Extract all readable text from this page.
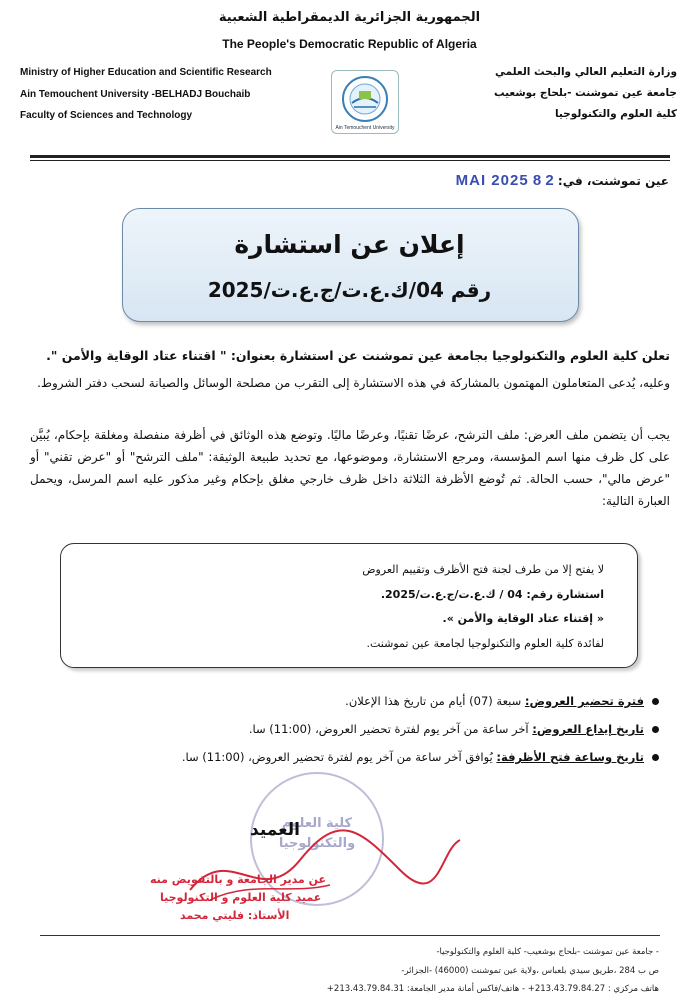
الجمهورية الجزائرية الديمقراطية الشعبية
The People's Democratic Republic of Algeria
Ministry of Higher Education and Scientific Research
Ain Temouchent University -BELHADJ Bouchaib
Faculty of Sciences and Technology
وزارة التعليم العالي والبحث العلمي
جامعة عين تموشنت -بلحاج بوشعيب
كلية العلوم والتكنولوجيا
Ain Temouchent University
عين تموشنت، في: 2 8 MAI 2025
إعلان عن استشارة
رقم 04/ك.ع.ت/ج.ع.ت/2025
تعلن كلية العلوم والتكنولوجيا بجامعة عين تموشنت عن استشارة بعنوان: " اقتناء عتاد الوقاية والأمن ".
وعليه، يُدعى المتعاملون المهتمون بالمشاركة في هذه الاستشارة إلى التقرب من مصلحة الوسائل والصيانة لسحب دفتر الشروط.
يجب أن يتضمن ملف العرض: ملف الترشح، عرضًا تقنيًا، وعرضًا ماليًا. وتوضع هذه الوثائق في أظرفة منفصلة ومغلقة بإحكام، يُبيَّن على كل ظرف منها اسم المؤسسة، ومرجع الاستشارة، وموضوعها، مع تحديد طبيعة الوثيقة: "ملف الترشح" أو "عرض تقني" أو "عرض مالي"، حسب الحالة. ثم تُوضع الأظرفة الثلاثة داخل ظرف خارجي مغلق بإحكام وغير مذكور عليه اسم المرسل، ويحمل العبارة التالية:
لا يفتح إلا من طرف لجنة فتح الأظرف وتقييم العروض
استشارة رقم: 04 / ك.ع.ت/ج.ع.ت/2025.
« إقتناء عتاد الوقاية والأمن ».
لفائدة كلية العلوم والتكنولوجيا لجامعة عين تموشنت.
فترة تحضير العروض: سبعة (07) أيام من تاريخ هذا الإعلان.
تاريخ إيداع العروض: آخر ساعة من آخر يوم لفترة تحضير العروض، (11:00) سا.
تاريخ وساعة فتح الأظرفة: يُوافق آخر ساعة من آخر يوم لفترة تحضير العروض، (11:00) سا.
كلية العلوم
والتكنولوجيا
العميد
عن مدير الجامعة و بالتفويض منه
عميد كلية العلوم و التكنولوجيا
الأستاذ: فليتي محمد
- جامعة عين تموشنت -بلحاج بوشعيب- كلية العلوم والتكنولوجيا-
ص ب 284 ،طريق سيدي بلعباس ،ولاية عين تموشنت (46000) -الجزائر-
هاتف مركزي : 213.43.79.84.27+ - هاتف/فاكس أمانة مدير الجامعة: 213.43.79.84.31+
